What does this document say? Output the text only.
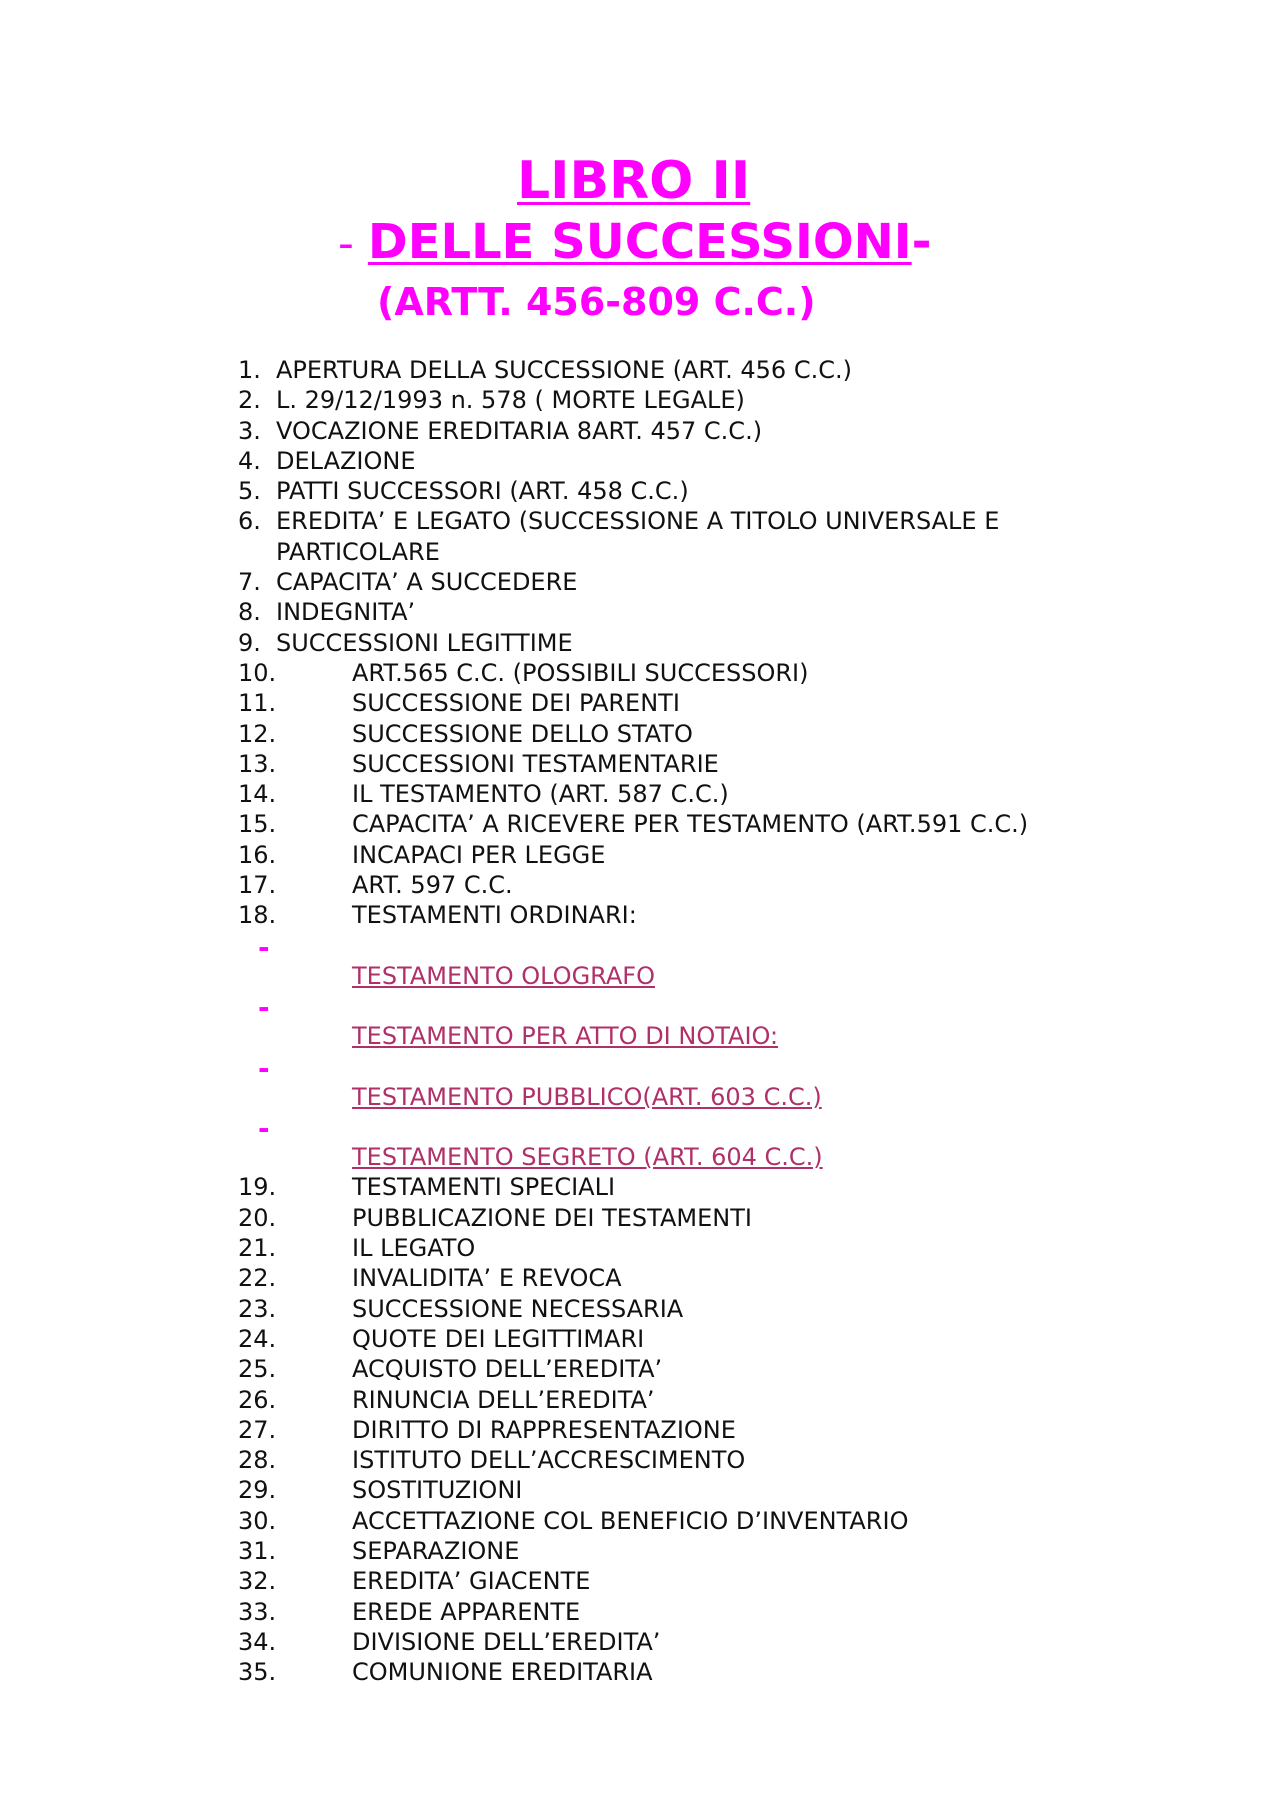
LIBRO II
- DELLE SUCCESSIONI-
(ARTT. 456-809 C.C.)
1. APERTURA DELLA SUCCESSIONE (ART. 456 C.C.)
2. L. 29/12/1993 n. 578 ( MORTE LEGALE)
3. VOCAZIONE EREDITARIA 8ART. 457 C.C.)
4. DELAZIONE
5. PATTI SUCCESSORI (ART. 458 C.C.)
6. EREDITA’ E LEGATO (SUCCESSIONE A TITOLO UNIVERSALE E
PARTICOLARE
7. CAPACITA’ A SUCCEDERE
8. INDEGNITA’
9. SUCCESSIONI LEGITTIME
10.	ART.565 C.C. (POSSIBILI SUCCESSORI)
11.	SUCCESSIONE DEI PARENTI
12.	SUCCESSIONE DELLO STATO
13.	SUCCESSIONI TESTAMENTARIE
14.	IL TESTAMENTO (ART. 587 C.C.)
15.	CAPACITA’ A RICEVERE PER TESTAMENTO (ART.591 C.C.)
16.	INCAPACI PER LEGGE
17.	ART. 597 C.C.
18.	TESTAMENTI ORDINARI:
-
TESTAMENTO OLOGRAFO
-
TESTAMENTO PER ATTO DI NOTAIO:
-
TESTAMENTO PUBBLICO(ART. 603 C.C.)
-
TESTAMENTO SEGRETO (ART. 604 C.C.)
19.	TESTAMENTI SPECIALI
20.	PUBBLICAZIONE DEI TESTAMENTI
21.	IL LEGATO
22.	INVALIDITA’ E REVOCA
23.	SUCCESSIONE NECESSARIA
24.	QUOTE DEI LEGITTIMARI
25.	ACQUISTO DELL’EREDITA’
26.	RINUNCIA DELL’EREDITA’
27.	DIRITTO DI RAPPRESENTAZIONE
28.	ISTITUTO DELL’ACCRESCIMENTO
29.	SOSTITUZIONI
30.	ACCETTAZIONE COL BENEFICIO D’INVENTARIO
31.	SEPARAZIONE
32.	EREDITA’ GIACENTE
33.	EREDE APPARENTE
34.	DIVISIONE DELL’EREDITA’
35.	COMUNIONE EREDITARIA
